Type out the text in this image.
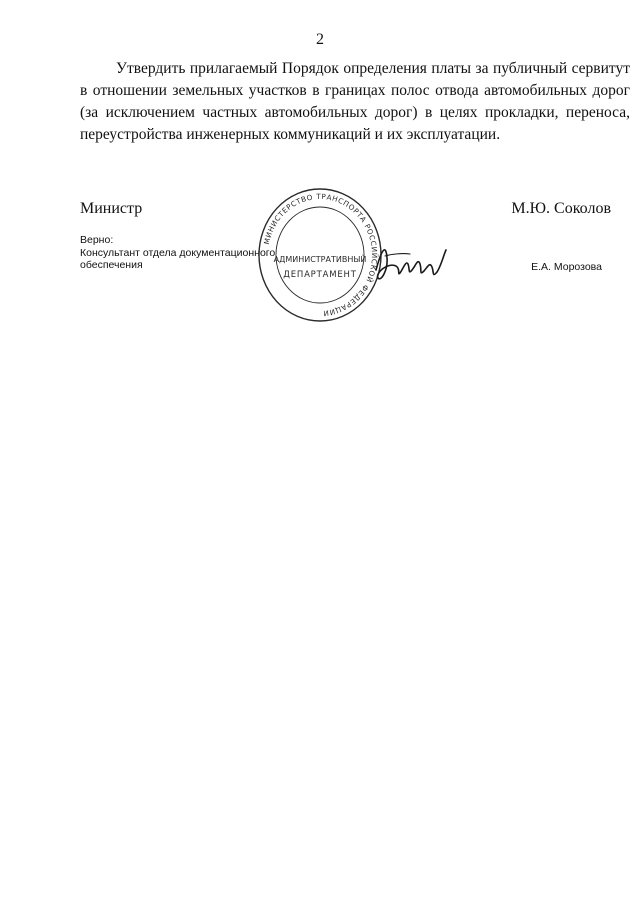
2

Утвердить прилагаемый Порядок определения платы за публичный сервитут в отношении земельных участков в границах полос отвода автомобильных дорог (за исключением частных автомобильных дорог) в целях прокладки, переноса, переустройства инженерных коммуникаций и их эксплуатации.

Министр	М.Ю. Соколов
Верно:
Консультант отдела документационного
обеспечения	Е.А. Морозова
МИНИСТЕРСТВО ТРАНСПОРТА РОССИЙСКОЙ ФЕДЕРАЦИИ
АДМИНИСТРАТИВНЫЙ
ДЕПАРТАМЕНТ
